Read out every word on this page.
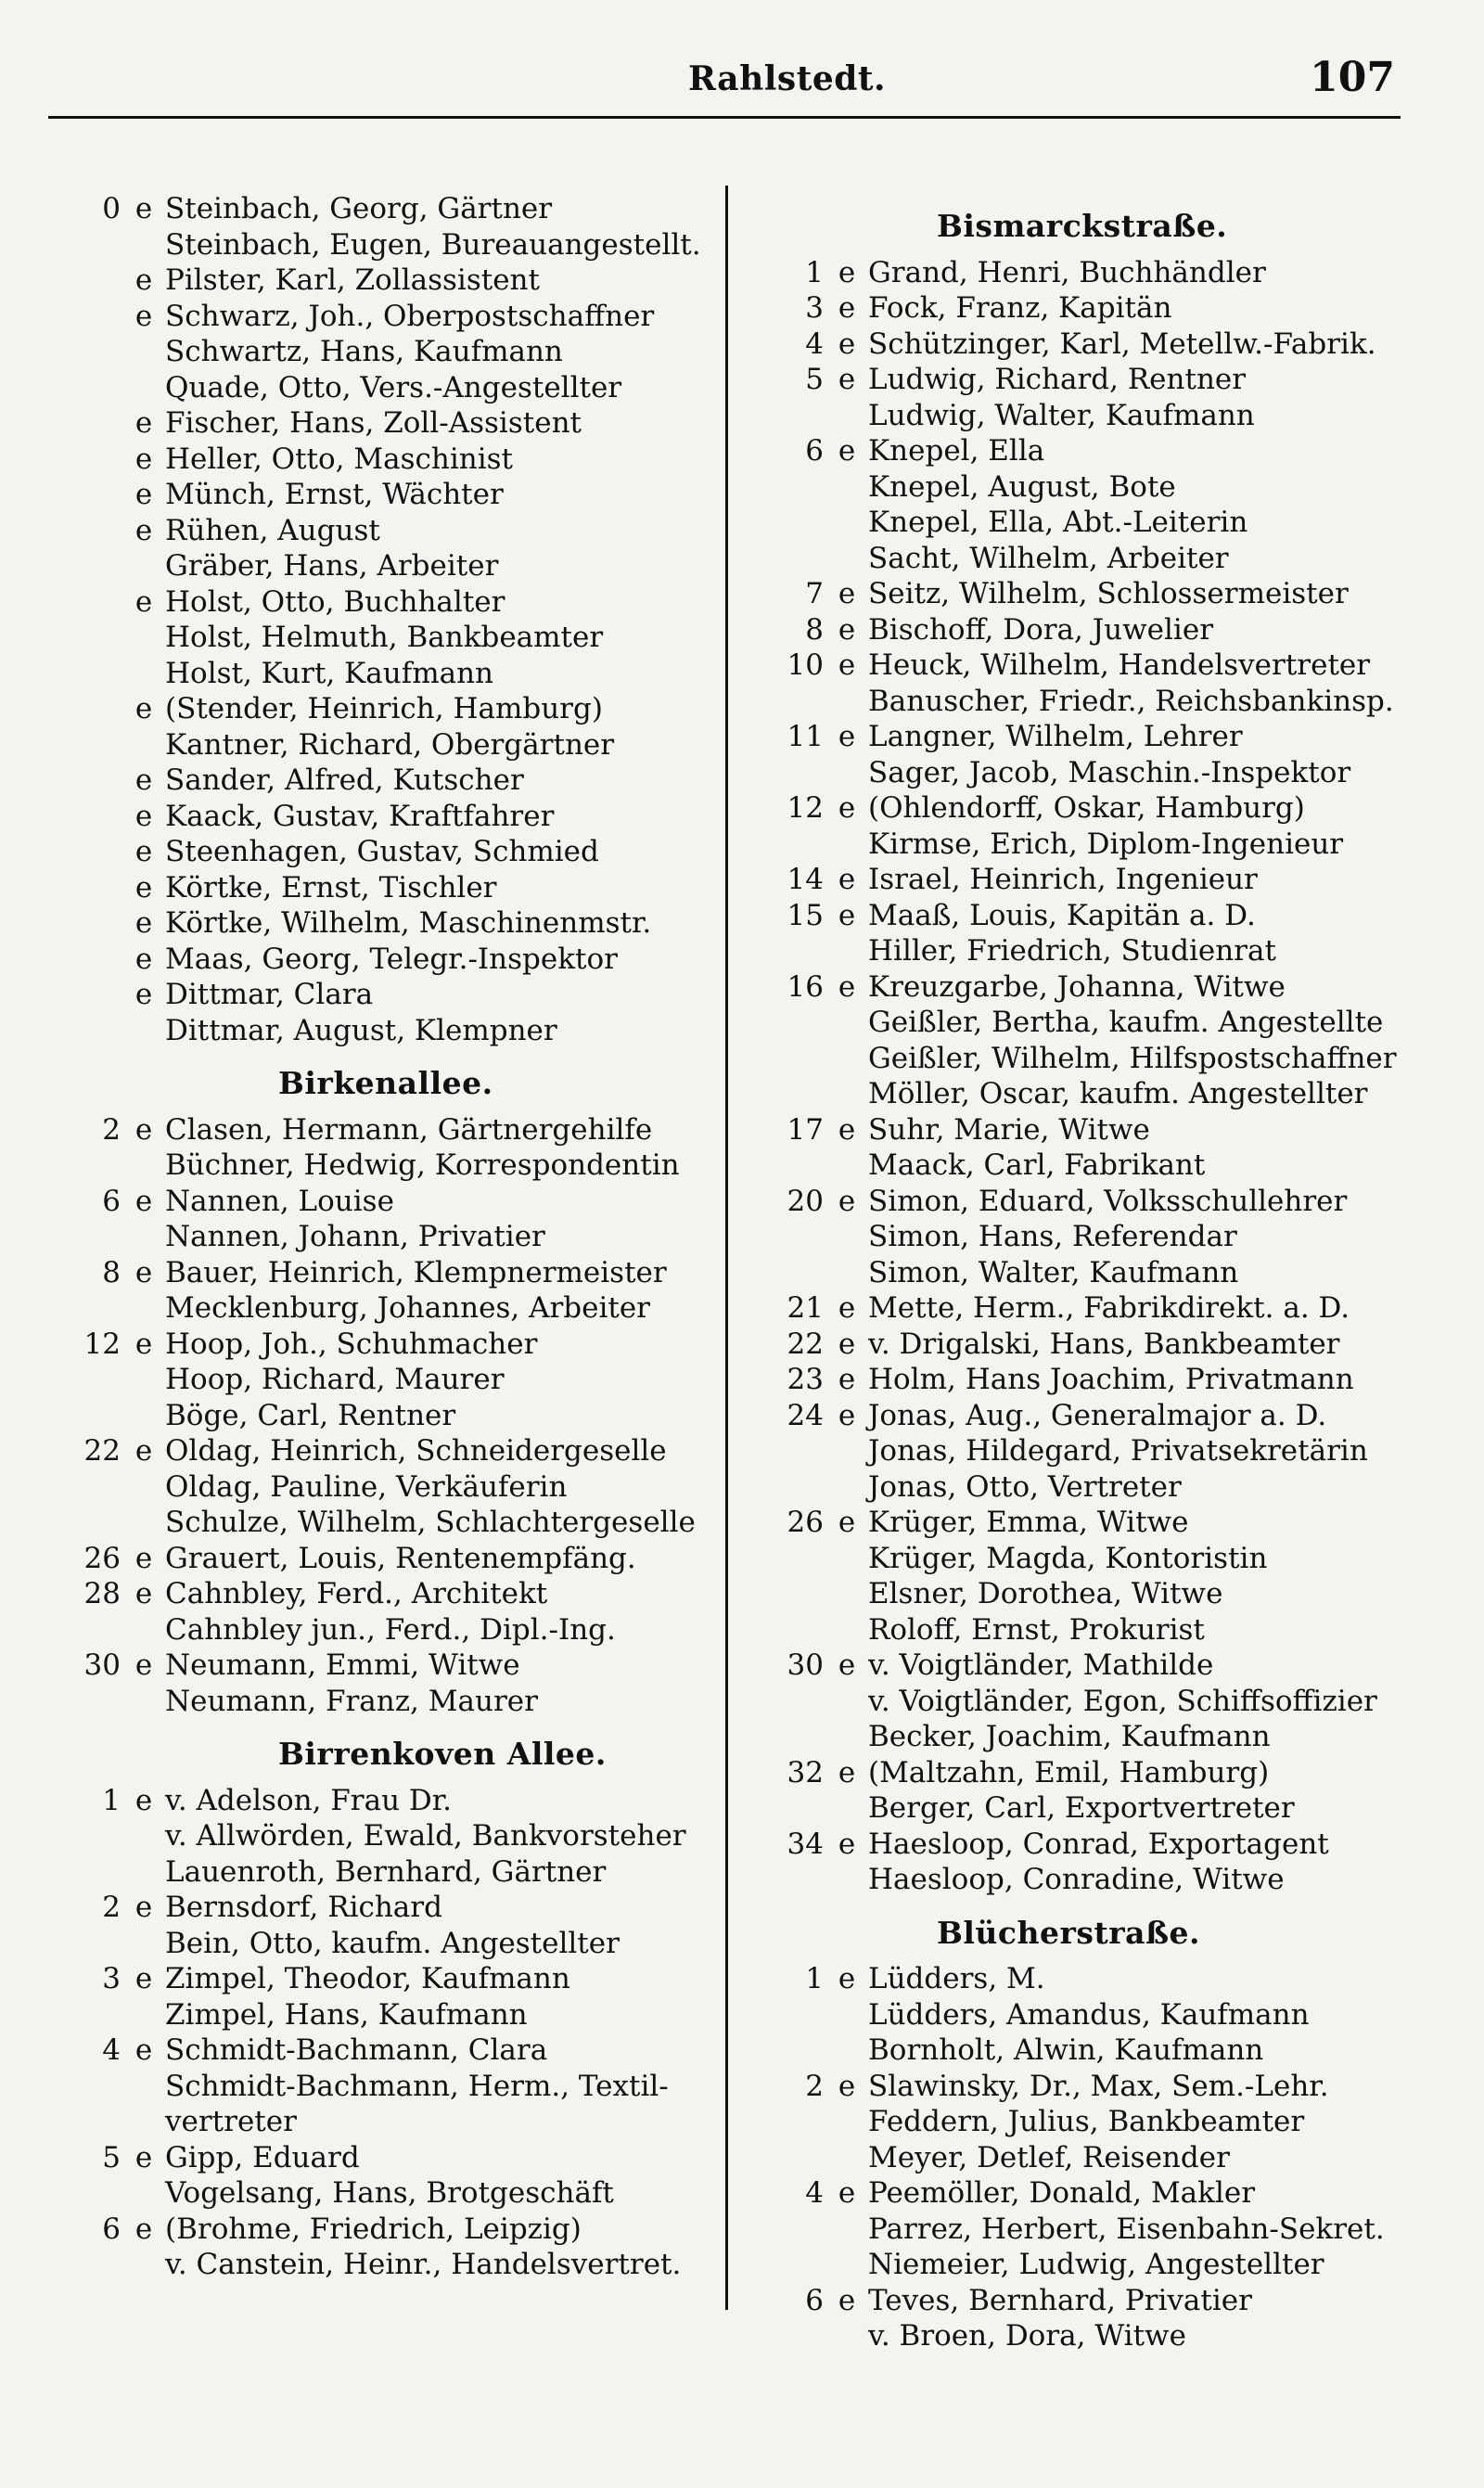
Rahlstedt.	107
0 e Steinbach, Georg, Gärtner
Steinbach, Eugen, Bureauangestellt.
e Pilster, Karl, Zollassistent
e Schwarz, Joh., Oberpostschaffner
Schwartz, Hans, Kaufmann
Quade, Otto, Vers.-Angestellter
e Fischer, Hans, Zoll-Assistent
e Heller, Otto, Maschinist
e Münch, Ernst, Wächter
e Rühen, August
Gräber, Hans, Arbeiter
e Holst, Otto, Buchhalter
Holst, Helmuth, Bankbeamter
Holst, Kurt, Kaufmann
e (Stender, Heinrich, Hamburg)
Kantner, Richard, Obergärtner
e Sander, Alfred, Kutscher
e Kaack, Gustav, Kraftfahrer
e Steenhagen, Gustav, Schmied
e Körtke, Ernst, Tischler
e Körtke, Wilhelm, Maschinenmstr.
e Maas, Georg, Telegr.-Inspektor
e Dittmar, Clara
Dittmar, August, Klempner
Birkenallee.
2 e Clasen, Hermann, Gärtnergehilfe
Büchner, Hedwig, Korrespondentin
6 e Nannen, Louise
Nannen, Johann, Privatier
8 e Bauer, Heinrich, Klempnermeister
Mecklenburg, Johannes, Arbeiter
12 e Hoop, Joh., Schuhmacher
Hoop, Richard, Maurer
Böge, Carl, Rentner
22 e Oldag, Heinrich, Schneidergeselle
Oldag, Pauline, Verkäuferin
Schulze, Wilhelm, Schlachtergeselle
26 e Grauert, Louis, Rentenempfäng.
28 e Cahnbley, Ferd., Architekt
Cahnbley jun., Ferd., Dipl.-Ing.
30 e Neumann, Emmi, Witwe
Neumann, Franz, Maurer
Birrenkoven Allee.
1 e v. Adelson, Frau Dr.
v. Allwörden, Ewald, Bankvorsteher
Lauenroth, Bernhard, Gärtner
2 e Bernsdorf, Richard
Bein, Otto, kaufm. Angestellter
3 e Zimpel, Theodor, Kaufmann
Zimpel, Hans, Kaufmann
4 e Schmidt-Bachmann, Clara
Schmidt-Bachmann, Herm., Textil-
vertreter
5 e Gipp, Eduard
Vogelsang, Hans, Brotgeschäft
6 e (Brohme, Friedrich, Leipzig)
v. Canstein, Heinr., Handelsvertret.
Bismarckstraße.
1 e Grand, Henri, Buchhändler
3 e Fock, Franz, Kapitän
4 e Schützinger, Karl, Metellw.-Fabrik.
5 e Ludwig, Richard, Rentner
Ludwig, Walter, Kaufmann
6 e Knepel, Ella
Knepel, August, Bote
Knepel, Ella, Abt.-Leiterin
Sacht, Wilhelm, Arbeiter
7 e Seitz, Wilhelm, Schlossermeister
8 e Bischoff, Dora, Juwelier
10 e Heuck, Wilhelm, Handelsvertreter
Banuscher, Friedr., Reichsbankinsp.
11 e Langner, Wilhelm, Lehrer
Sager, Jacob, Maschin.-Inspektor
12 e (Ohlendorff, Oskar, Hamburg)
Kirmse, Erich, Diplom-Ingenieur
14 e Israel, Heinrich, Ingenieur
15 e Maaß, Louis, Kapitän a. D.
Hiller, Friedrich, Studienrat
16 e Kreuzgarbe, Johanna, Witwe
Geißler, Bertha, kaufm. Angestellte
Geißler, Wilhelm, Hilfspostschaffner
Möller, Oscar, kaufm. Angestellter
17 e Suhr, Marie, Witwe
Maack, Carl, Fabrikant
20 e Simon, Eduard, Volksschullehrer
Simon, Hans, Referendar
Simon, Walter, Kaufmann
21 e Mette, Herm., Fabrikdirekt. a. D.
22 e v. Drigalski, Hans, Bankbeamter
23 e Holm, Hans Joachim, Privatmann
24 e Jonas, Aug., Generalmajor a. D.
Jonas, Hildegard, Privatsekretärin
Jonas, Otto, Vertreter
26 e Krüger, Emma, Witwe
Krüger, Magda, Kontoristin
Elsner, Dorothea, Witwe
Roloff, Ernst, Prokurist
30 e v. Voigtländer, Mathilde
v. Voigtländer, Egon, Schiffsoffizier
Becker, Joachim, Kaufmann
32 e (Maltzahn, Emil, Hamburg)
Berger, Carl, Exportvertreter
34 e Haesloop, Conrad, Exportagent
Haesloop, Conradine, Witwe
Blücherstraße.
1 e Lüdders, M.
Lüdders, Amandus, Kaufmann
Bornholt, Alwin, Kaufmann
2 e Slawinsky, Dr., Max, Sem.-Lehr.
Feddern, Julius, Bankbeamter
Meyer, Detlef, Reisender
4 e Peemöller, Donald, Makler
Parrez, Herbert, Eisenbahn-Sekret.
Niemeier, Ludwig, Angestellter
6 e Teves, Bernhard, Privatier
v. Broen, Dora, Witwe
